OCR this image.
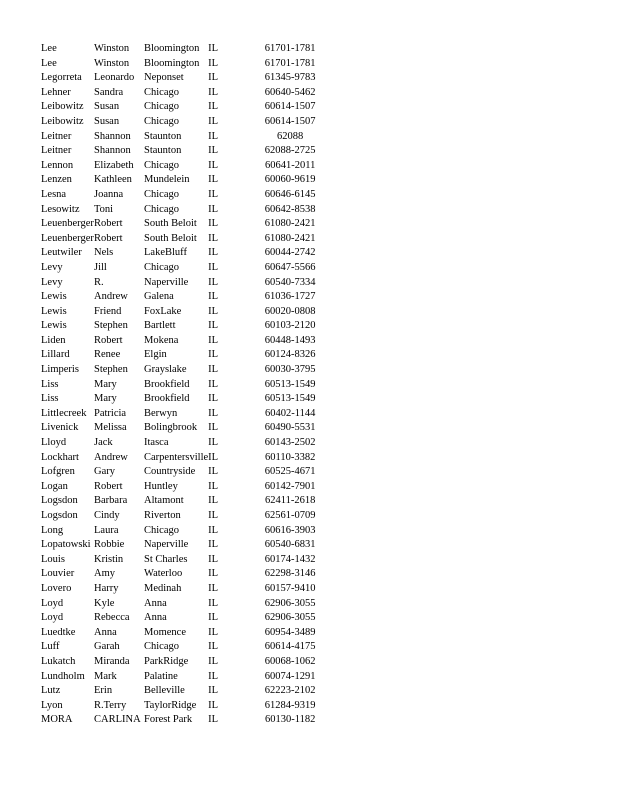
Lee	Winston	Bloomington	IL	61701-1781
Lee	Winston	Bloomington	IL	61701-1781
Legorreta	Leonardo	Neponset	IL	61345-9783
Lehner	Sandra	Chicago	IL	60640-5462
Leibowitz	Susan	Chicago	IL	60614-1507
Leibowitz	Susan	Chicago	IL	60614-1507
Leitner	Shannon	Staunton	IL	62088
Leitner	Shannon	Staunton	IL	62088-2725
Lennon	Elizabeth	Chicago	IL	60641-2011
Lenzen	Kathleen	Mundelein	IL	60060-9619
Lesna	Joanna	Chicago	IL	60646-6145
Lesowitz	Toni	Chicago	IL	60642-8538
Leuenberger	Robert	South Beloit	IL	61080-2421
Leuenberger	Robert	South Beloit	IL	61080-2421
Leutwiler	Nels	LakeBluff	IL	60044-2742
Levy	Jill	Chicago	IL	60647-5566
Levy	R.	Naperville	IL	60540-7334
Lewis	Andrew	Galena	IL	61036-1727
Lewis	Friend	FoxLake	IL	60020-0808
Lewis	Stephen	Bartlett	IL	60103-2120
Liden	Robert	Mokena	IL	60448-1493
Lillard	Renee	Elgin	IL	60124-8326
Limperis	Stephen	Grayslake	IL	60030-3795
Liss	Mary	Brookfield	IL	60513-1549
Liss	Mary	Brookfield	IL	60513-1549
Littlecreek	Patricia	Berwyn	IL	60402-1144
Livenick	Melissa	Bolingbrook	IL	60490-5531
Lloyd	Jack	Itasca	IL	60143-2502
Lockhart	Andrew	Carpentersville	IL	60110-3382
Lofgren	Gary	Countryside	IL	60525-4671
Logan	Robert	Huntley	IL	60142-7901
Logsdon	Barbara	Altamont	IL	62411-2618
Logsdon	Cindy	Riverton	IL	62561-0709
Long	Laura	Chicago	IL	60616-3903
Lopatowski	Robbie	Naperville	IL	60540-6831
Louis	Kristin	St Charles	IL	60174-1432
Louvier	Amy	Waterloo	IL	62298-3146
Lovero	Harry	Medinah	IL	60157-9410
Loyd	Kyle	Anna	IL	62906-3055
Loyd	Rebecca	Anna	IL	62906-3055
Luedtke	Anna	Momence	IL	60954-3489
Luff	Garah	Chicago	IL	60614-4175
Lukatch	Miranda	ParkRidge	IL	60068-1062
Lundholm	Mark	Palatine	IL	60074-1291
Lutz	Erin	Belleville	IL	62223-2102
Lyon	R.Terry	TaylorRidge	IL	61284-9319
MORA	CARLINA	Forest Park	IL	60130-1182
